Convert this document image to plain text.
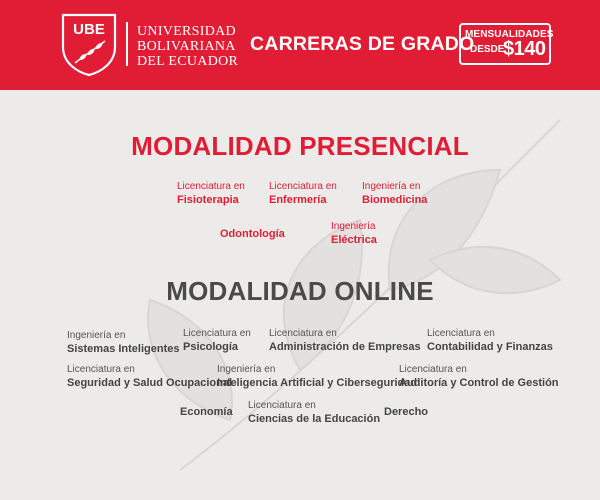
UBE UNIVERSIDAD
BOLIVARIANA
DEL ECUADOR
CARRERAS DE GRADO
MENSUALIDADES
DESDE
$140
MODALIDAD PRESENCIAL
Licenciatura en
Fisioterapia
Licenciatura en
Enfermería
Ingeniería en
Biomedicina
Odontología
Ingeniería
Eléctrica
MODALIDAD ONLINE
Ingeniería en
Sistemas Inteligentes
Licenciatura en
Psicología
Licenciatura en
Administración de Empresas
Licenciatura en
Contabilidad y Finanzas
Licenciatura en
Seguridad y Salud Ocupacional
Ingeniería en
Inteligencia Artificial y Ciberseguridad
Licenciatura en
Auditoría y Control de Gestión
Economía
Licenciatura en
Ciencias de la Educación
Derecho
